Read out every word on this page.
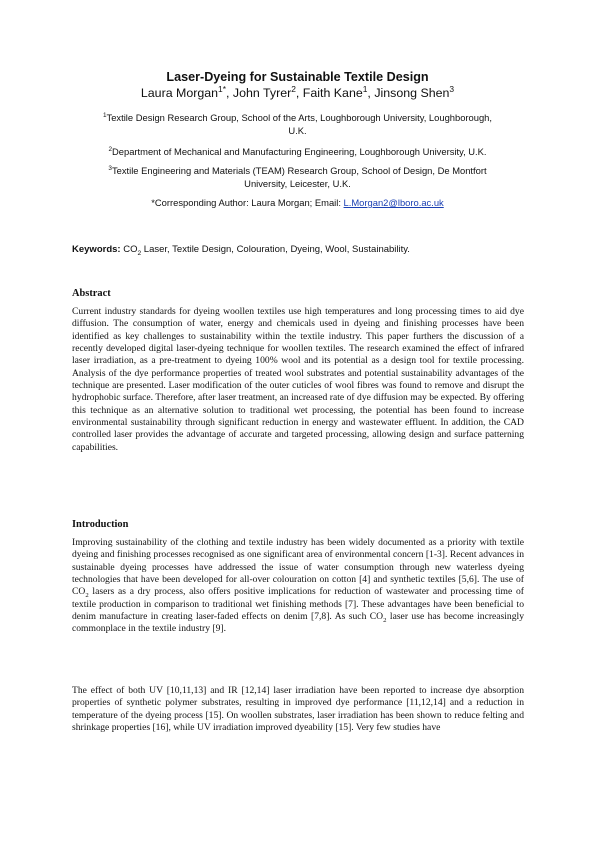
Laser-Dyeing for Sustainable Textile Design
Laura Morgan$^{1*}$, John Tyrer$^2$, Faith Kane$^1$, Jinsong Shen$^3$
$^1$Textile Design Research Group, School of the Arts, Loughborough University, Loughborough, U.K.
$^2$Department of Mechanical and Manufacturing Engineering, Loughborough University, U.K.
$^3$Textile Engineering and Materials (TEAM) Research Group, School of Design, De Montfort University, Leicester, U.K.
*Corresponding Author: Laura Morgan; Email: L.Morgan2@lboro.ac.uk
Keywords: $CO_2$ Laser, Textile Design, Colouration, Dyeing, Wool, Sustainability.
Abstract
Current industry standards for dyeing woollen textiles use high temperatures and long processing times to aid dye diffusion. The consumption of water, energy and chemicals used in dyeing and finishing processes have been identified as key challenges to sustainability within the textile industry. This paper furthers the discussion of a recently developed digital laser-dyeing technique for woollen textiles. The research examined the effect of infrared laser irradiation, as a pre-treatment to dyeing 100% wool and its potential as a design tool for textile processing. Analysis of the dye performance properties of treated wool substrates and potential sustainability advantages of the technique are presented. Laser modification of the outer cuticles of wool fibres was found to remove and disrupt the hydrophobic surface. Therefore, after laser treatment, an increased rate of dye diffusion may be expected. By offering this technique as an alternative solution to traditional wet processing, the potential has been found to increase environmental sustainability through significant reduction in energy and wastewater effluent. In addition, the CAD controlled laser provides the advantage of accurate and targeted processing, allowing design and surface patterning capabilities.
Introduction
Improving sustainability of the clothing and textile industry has been widely documented as a priority with textile dyeing and finishing processes recognised as one significant area of environmental concern [1-3]. Recent advances in sustainable dyeing processes have addressed the issue of water consumption through new waterless dyeing technologies that have been developed for all-over colouration on cotton [4] and synthetic textiles [5,6]. The use of $CO_2$ lasers as a dry process, also offers positive implications for reduction of wastewater and processing time of textile production in comparison to traditional wet finishing methods [7]. These advantages have been beneficial to denim manufacture in creating laser-faded effects on denim [7,8]. As such $CO_2$ laser use has become increasingly commonplace in the textile industry [9].
The effect of both UV [10,11,13] and IR [12,14] laser irradiation have been reported to increase dye absorption properties of synthetic polymer substrates, resulting in improved dye performance [11,12,14] and a reduction in temperature of the dyeing process [15]. On woollen substrates, laser irradiation has been shown to reduce felting and shrinkage properties [16], while UV irradiation improved dyeability [15]. Very few studies have
